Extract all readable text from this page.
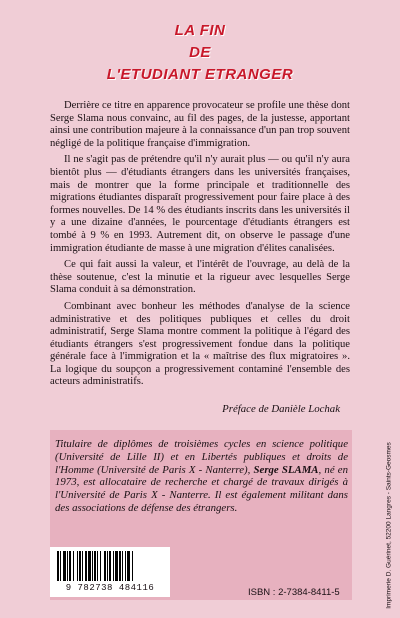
LA FIN
DE
L'ETUDIANT ETRANGER

Derrière ce titre en apparence provocateur se profile une thèse dont Serge Slama nous convainc, au fil des pages, de la justesse, apportant ainsi une contribution majeure à la connaissance d'un pan trop souvent négligé de la politique française d'immigration.

Il ne s'agit pas de prétendre qu'il n'y aurait plus — ou qu'il n'y aura bientôt plus — d'étudiants étrangers dans les universités françaises, mais de montrer que la forme principale et traditionnelle des migrations étudiantes disparaît progressivement pour faire place à des formes nouvelles. De 14 % des étudiants inscrits dans les universités il y a une dizaine d'années, le pourcentage d'étudiants étrangers est tombé à 9 % en 1993. Autrement dit, on observe le passage d'une immigration étudiante de masse à une migration d'élites canalisées.

Ce qui fait aussi la valeur, et l'intérêt de l'ouvrage, au delà de la thèse soutenue, c'est la minutie et la rigueur avec lesquelles Serge Slama conduit à sa démonstration.

Combinant avec bonheur les méthodes d'analyse de la science administrative et des politiques publiques et celles du droit administratif, Serge Slama montre comment la politique à l'égard des étudiants étrangers s'est progressivement fondue dans la politique générale face à l'immigration et la « maîtrise des flux migratoires ». La logique du soupçon a progressivement contaminé l'ensemble des acteurs administratifs.

Préface de Danièle Lochak
Titulaire de diplômes de troisièmes cycles en science politique (Université de Lille II) et en Libertés publiques et droits de l'Homme (Université de Paris X - Nanterre), Serge SLAMA, né en 1973, est allocataire de recherche et chargé de travaux dirigés à l'Université de Paris X - Nanterre. Il est également militant dans des associations de défense des étrangers.
9 782738 484116	ISBN : 2-7384-8411-5	Imprimerie D. Guérinet, 52200 Langres - Saints-Geosmes
